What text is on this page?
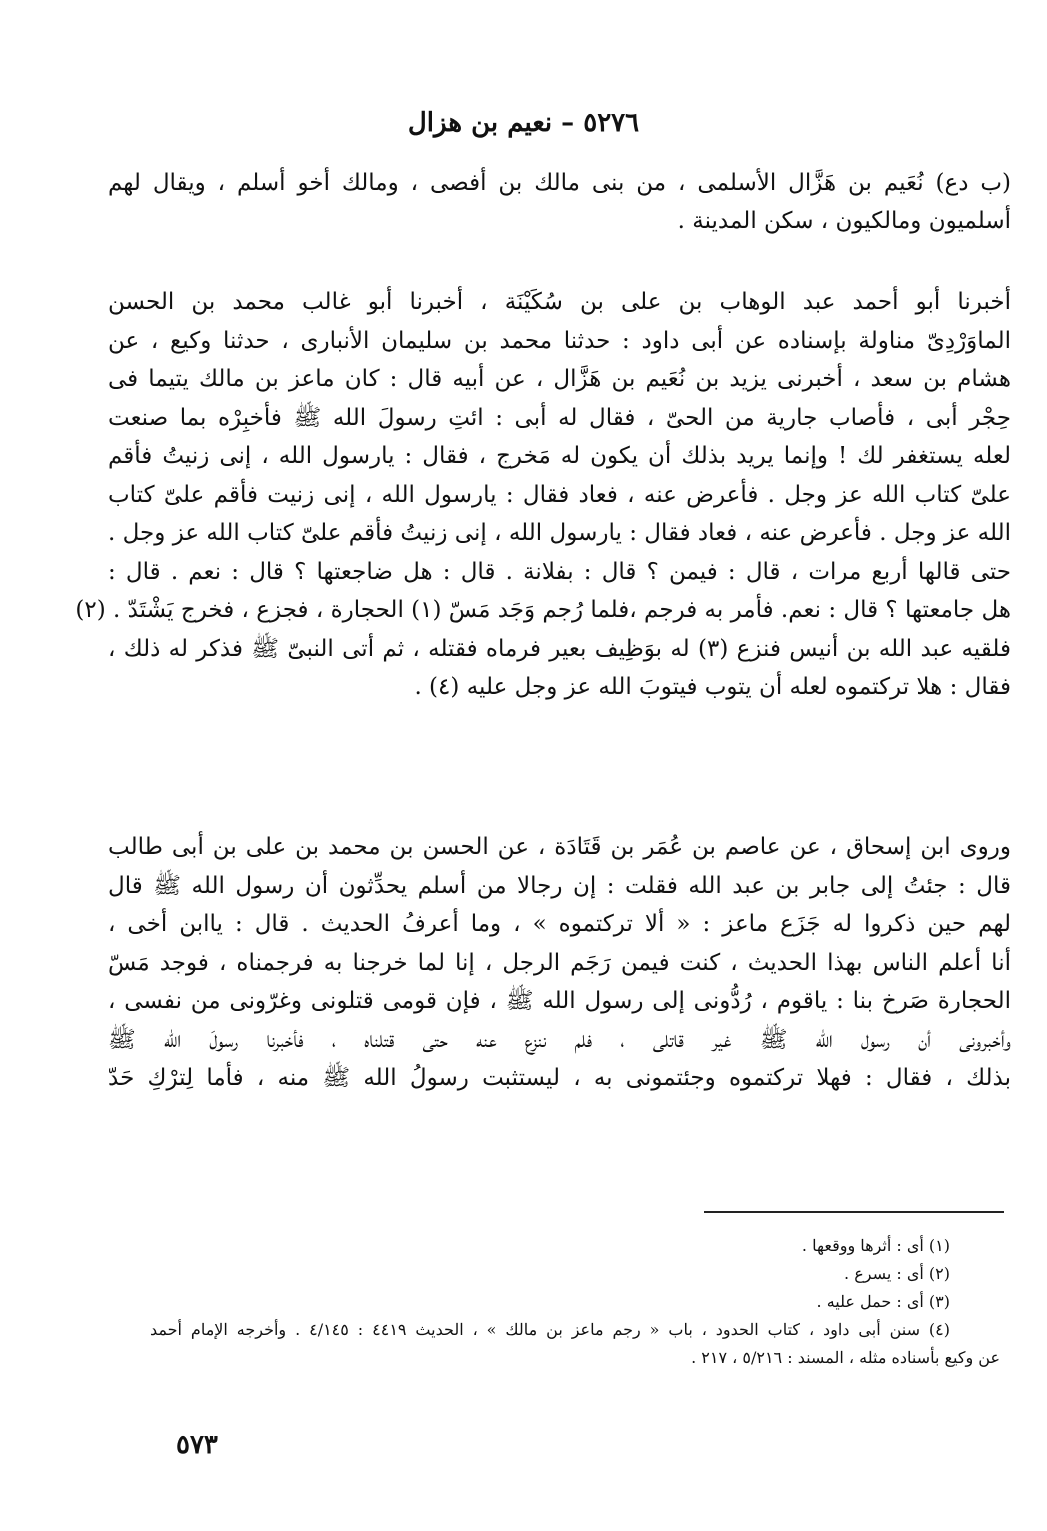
٥٢٧٦ – نعيم بن هزال
(ب دع) نُعَيم بن هَزَّال الأسلمى ، من بنى مالك بن أفصى ، ومالك أخو أسلم ، ويقال لهم
أسلميون ومالكيون ، سكن المدينة .
أخبرنا أبو أحمد عبد الوهاب بن على بن سُكَيْنَة ، أخبرنا أبو غالب محمد بن الحسن
الماوَرْدِىّ مناولة بإسناده عن أبى داود : حدثنا محمد بن سليمان الأنبارى ، حدثنا وكيع ، عن
هشام بن سعد ، أخبرنى يزيد بن نُعَيم بن هَزَّال ، عن أبيه قال : كان ماعز بن مالك يتيما فى
حِجْر أبى ، فأصاب جارية من الحىّ ، فقال له أبى : ائتِ رسولَ الله ﷺ فأخبِرْه بما صنعت
لعله يستغفر لك ! وإنما يريد بذلك أن يكون له مَخرج ، فقال : يارسول الله ، إنى زنيتُ فأقم
علىّ كتاب الله عز وجل . فأعرض عنه ، فعاد فقال : يارسول الله ، إنى زنيت فأقم علىّ كتاب
الله عز وجل . فأعرض عنه ، فعاد فقال : يارسول الله ، إنى زنيتُ فأقم علىّ كتاب الله عز وجل .
حتى قالها أربع مرات ، قال : فيمن ؟ قال : بفلانة . قال : هل ضاجعتها ؟ قال : نعم . قال :
هل جامعتها ؟ قال : نعم. فأمر به فرجم ،فلما رُجم وَجَد مَسّ (١) الحجارة ، فجزع ، فخرج يَشْتَدّ . (٢)
فلقيه عبد الله بن أنيس فنزع (٣) له بوَظِيف بعير فرماه فقتله ، ثم أتى النبىّ ﷺ فذكر له ذلك ،
فقال : هلا تركتموه لعله أن يتوب فيتوبَ الله عز وجل عليه (٤) .
وروى ابن إسحاق ، عن عاصم بن عُمَر بن قَتَادَة ، عن الحسن بن محمد بن على بن أبى طالب
قال : جئتُ إلى جابر بن عبد الله فقلت : إن رجالا من أسلم يحدِّثون أن رسول الله ﷺ قال
لهم حين ذكروا له جَزَع ماعز : « ألا تركتموه » ، وما أعرفُ الحديث . قال : ياابن أخى ،
أنا أعلم الناس بهذا الحديث ، كنت فيمن رَجَم الرجل ، إنا لما خرجنا به فرجمناه ، فوجد مَسّ
الحجارة صَرخ بنا : ياقوم ، رُدُّونى إلى رسول الله ﷺ ، فإن قومى قتلونى وغرّونى من نفسى ،
وأخبرونى أن رسول الله ﷺ غير قاتلى ، فلم ننزع عنه حتى قتلناه ، فأخبرنا رسولَ الله ﷺ
بذلك ، فقال : فهلا تركتموه وجئتمونى به ، ليستثبت رسولُ الله ﷺ منه ، فأما لِترْكِ حَدّ
(١) أى : أثرها ووقعها .
(٢) أى : يسرع .
(٣) أى : حمل عليه .
(٤) سنن أبى داود ، كتاب الحدود ، باب « رجم ماعز بن مالك » ، الحديث ٤٤١٩ : ٤/١٤٥ . وأخرجه الإمام أحمد
عن وكيع بأسناده مثله ، المسند : ٥/٢١٦ ، ٢١٧ .
٥٧٣
